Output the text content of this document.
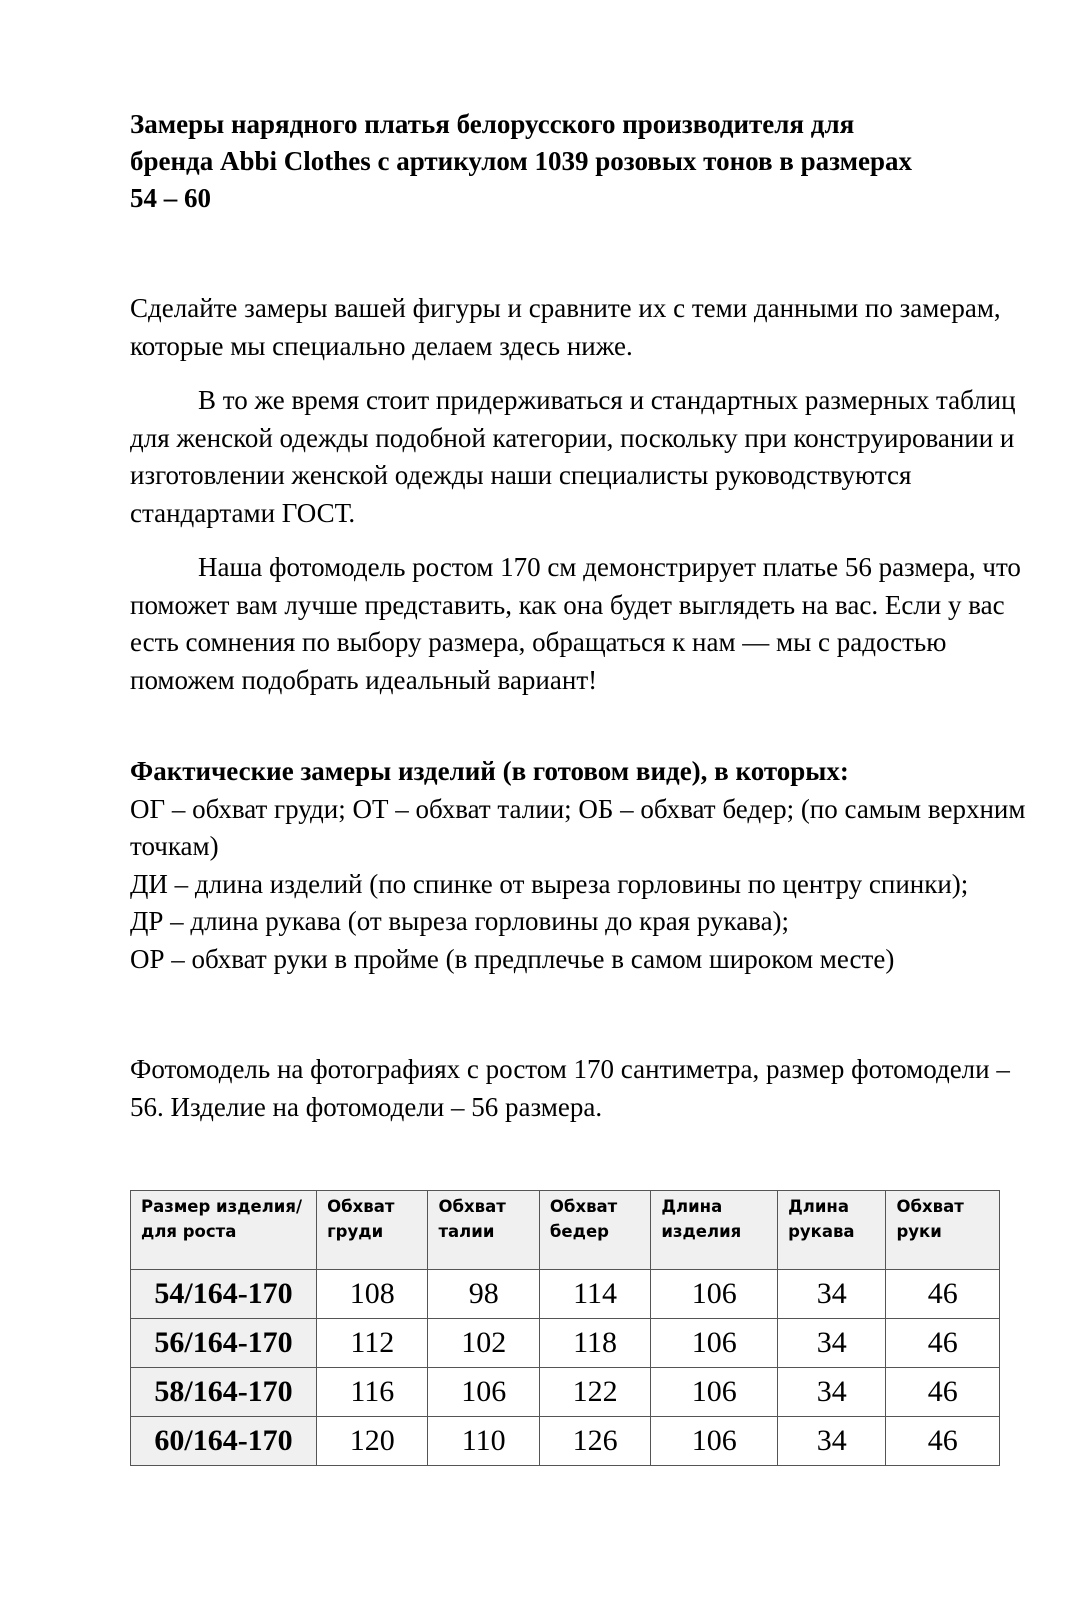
Замеры нарядного платья белорусского производителя для
бренда Abbi Clothes с артикулом 1039 розовых тонов в размерах
54 – 60

Сделайте замеры вашей фигуры и сравните их с теми данными по замерам, которые мы специально делаем здесь ниже.

В то же время стоит придерживаться и стандартных размерных таблиц для женской одежды подобной категории, поскольку при конструировании и изготовлении женской одежды наши специалисты руководствуются стандартами ГОСТ.

Наша фотомодель ростом 170 см демонстрирует платье 56 размера, что поможет вам лучше представить, как она будет выглядеть на вас. Если у вас есть сомнения по выбору размера, обращаться к нам — мы с радостью поможем подобрать идеальный вариант!

Фактические замеры изделий (в готовом виде), в которых:
ОГ – обхват груди; ОТ – обхват талии; ОБ – обхват бедер; (по самым верхним точкам)
ДИ – длина изделий (по спинке от выреза горловины по центру спинки);
ДР – длина рукава (от выреза горловины до края рукава);
ОР – обхват руки в пройме (в предплечье в самом широком месте)

Фотомодель на фотографиях с ростом 170 сантиметра, размер фотомодели – 56. Изделие на фотомодели – 56 размера.

Размер изделия/для роста	Обхват груди	Обхват талии	Обхват бедер	Длина изделия	Длина рукава	Обхват руки
54/164-170	108	98	114	106	34	46
56/164-170	112	102	118	106	34	46
58/164-170	116	106	122	106	34	46
60/164-170	120	110	126	106	34	46
